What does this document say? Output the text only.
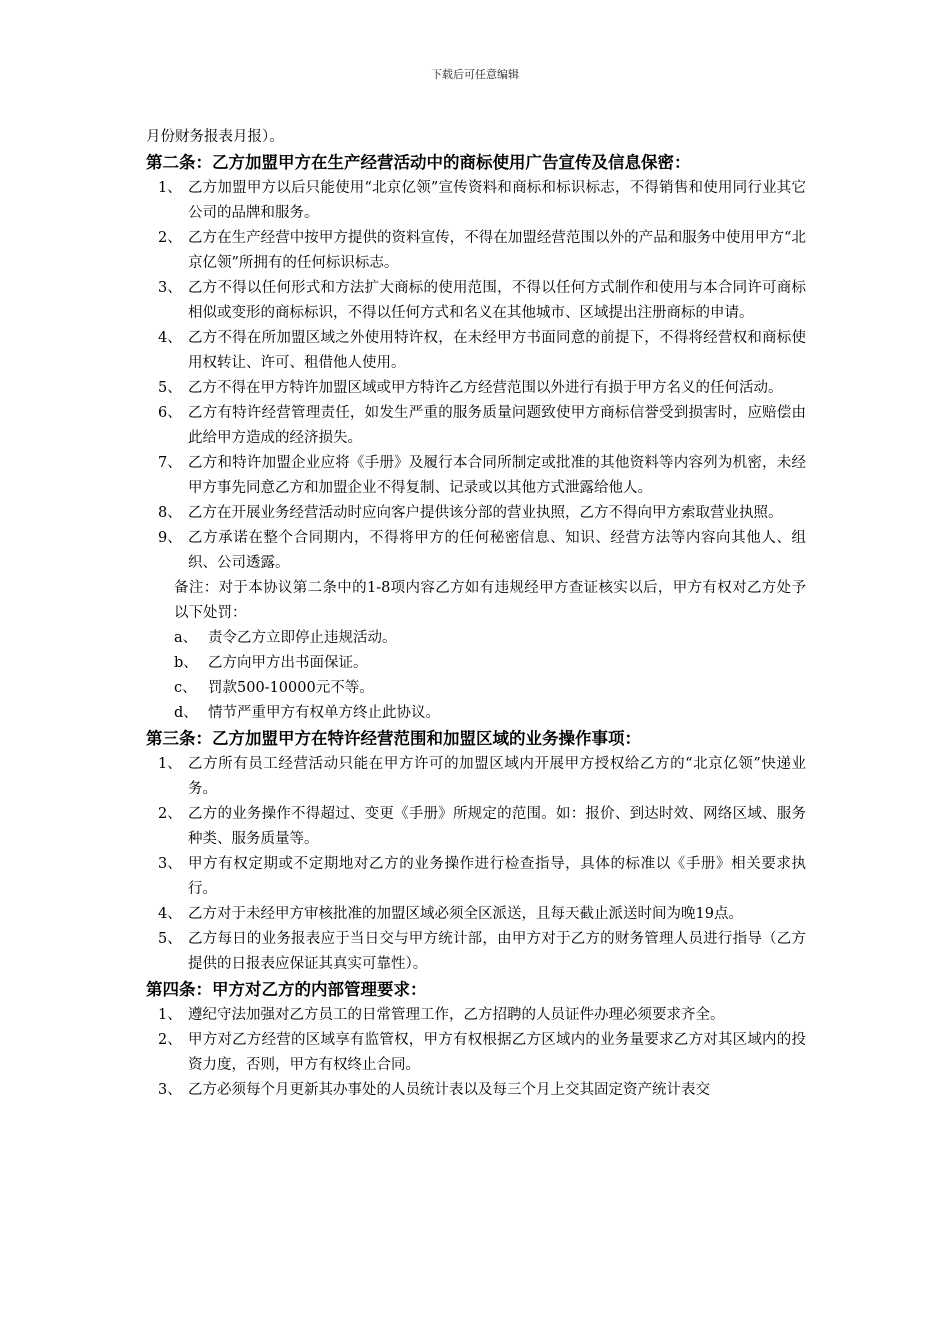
下载后可任意编辑

月份财务报表月报）。

第二条：乙方加盟甲方在生产经营活动中的商标使用广告宣传及信息保密：

1、 乙方加盟甲方以后只能使用“北京亿领”宣传资料和商标和标识标志，不得销售和使用同行业其它公司的品牌和服务。
2、 乙方在生产经营中按甲方提供的资料宣传，不得在加盟经营范围以外的产品和服务中使用甲方“北京亿领”所拥有的任何标识标志。
3、 乙方不得以任何形式和方法扩大商标的使用范围，不得以任何方式制作和使用与本合同许可商标相似或变形的商标标识，不得以任何方式和名义在其他城市、区域提出注册商标的申请。
4、 乙方不得在所加盟区域之外使用特许权，在未经甲方书面同意的前提下，不得将经营权和商标使用权转让、许可、租借他人使用。
5、 乙方不得在甲方特许加盟区域或甲方特许乙方经营范围以外进行有损于甲方名义的任何活动。
6、 乙方有特许经营管理责任，如发生严重的服务质量问题致使甲方商标信誉受到损害时，应赔偿由此给甲方造成的经济损失。
7、 乙方和特许加盟企业应将《手册》及履行本合同所制定或批准的其他资料等内容列为机密，未经甲方事先同意乙方和加盟企业不得复制、记录或以其他方式泄露给他人。
8、 乙方在开展业务经营活动时应向客户提供该分部的营业执照，乙方不得向甲方索取营业执照。
9、 乙方承诺在整个合同期内，不得将甲方的任何秘密信息、知识、经营方法等内容向其他人、组织、公司透露。
备注：对于本协议第二条中的1-8项内容乙方如有违规经甲方查证核实以后，甲方有权对乙方处予以下处罚：
a、 责令乙方立即停止违规活动。
b、 乙方向甲方出书面保证。
c、 罚款500-10000元不等。
d、 情节严重甲方有权单方终止此协议。

第三条：乙方加盟甲方在特许经营范围和加盟区域的业务操作事项：

1、 乙方所有员工经营活动只能在甲方许可的加盟区域内开展甲方授权给乙方的“北京亿领”快递业务。
2、 乙方的业务操作不得超过、变更《手册》所规定的范围。如：报价、到达时效、网络区域、服务种类、服务质量等。
3、 甲方有权定期或不定期地对乙方的业务操作进行检查指导，具体的标准以《手册》相关要求执行。
4、 乙方对于未经甲方审核批准的加盟区域必须全区派送，且每天截止派送时间为晚19点。
5、 乙方每日的业务报表应于当日交与甲方统计部，由甲方对于乙方的财务管理人员进行指导（乙方提供的日报表应保证其真实可靠性）。

第四条：甲方对乙方的内部管理要求：

1、 遵纪守法加强对乙方员工的日常管理工作，乙方招聘的人员证件办理必须要求齐全。
2、 甲方对乙方经营的区域享有监管权，甲方有权根据乙方区域内的业务量要求乙方对其区域内的投资力度，否则，甲方有权终止合同。
3、 乙方必须每个月更新其办事处的人员统计表以及每三个月上交其固定资产统计表交
